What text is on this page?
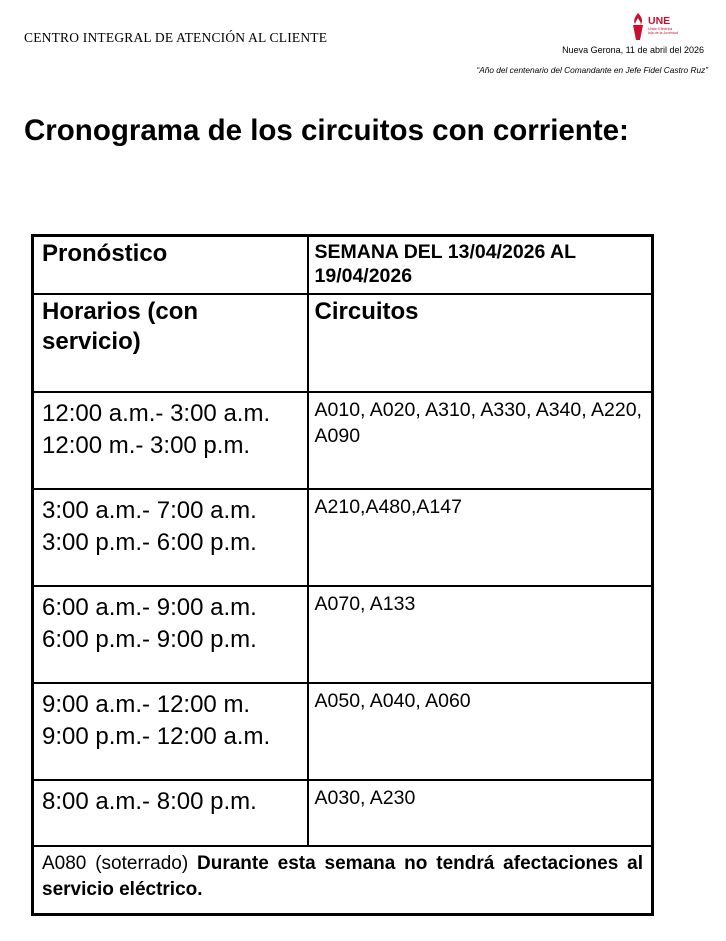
CENTRO INTEGRAL DE ATENCIÓN AL CLIENTE
UNE
Unión Eléctrica Isla de la Juventud
Nueva Gerona, 11 de abril del 2026
“Año del centenario del Comandante en Jefe Fidel Castro Ruz”
Cronograma de los circuitos con corriente:
Pronóstico	SEMANA DEL 13/04/2026 AL 19/04/2026

Horarios (con servicio)	Circuitos

12:00 a.m.- 3:00 a.m.
12:00 m.- 3:00 p.m.	A010, A020, A310, A330, A340, A220, A090

3:00 a.m.- 7:00 a.m.
3:00 p.m.- 6:00 p.m.	A210,A480,A147

6:00 a.m.- 9:00 a.m.
6:00 p.m.- 9:00 p.m.	A070, A133

9:00 a.m.- 12:00 m.
9:00 p.m.- 12:00 a.m.	A050, A040, A060

8:00 a.m.- 8:00 p.m.	A030, A230

A080 (soterrado) Durante esta semana no tendrá afectaciones al servicio eléctrico.	
